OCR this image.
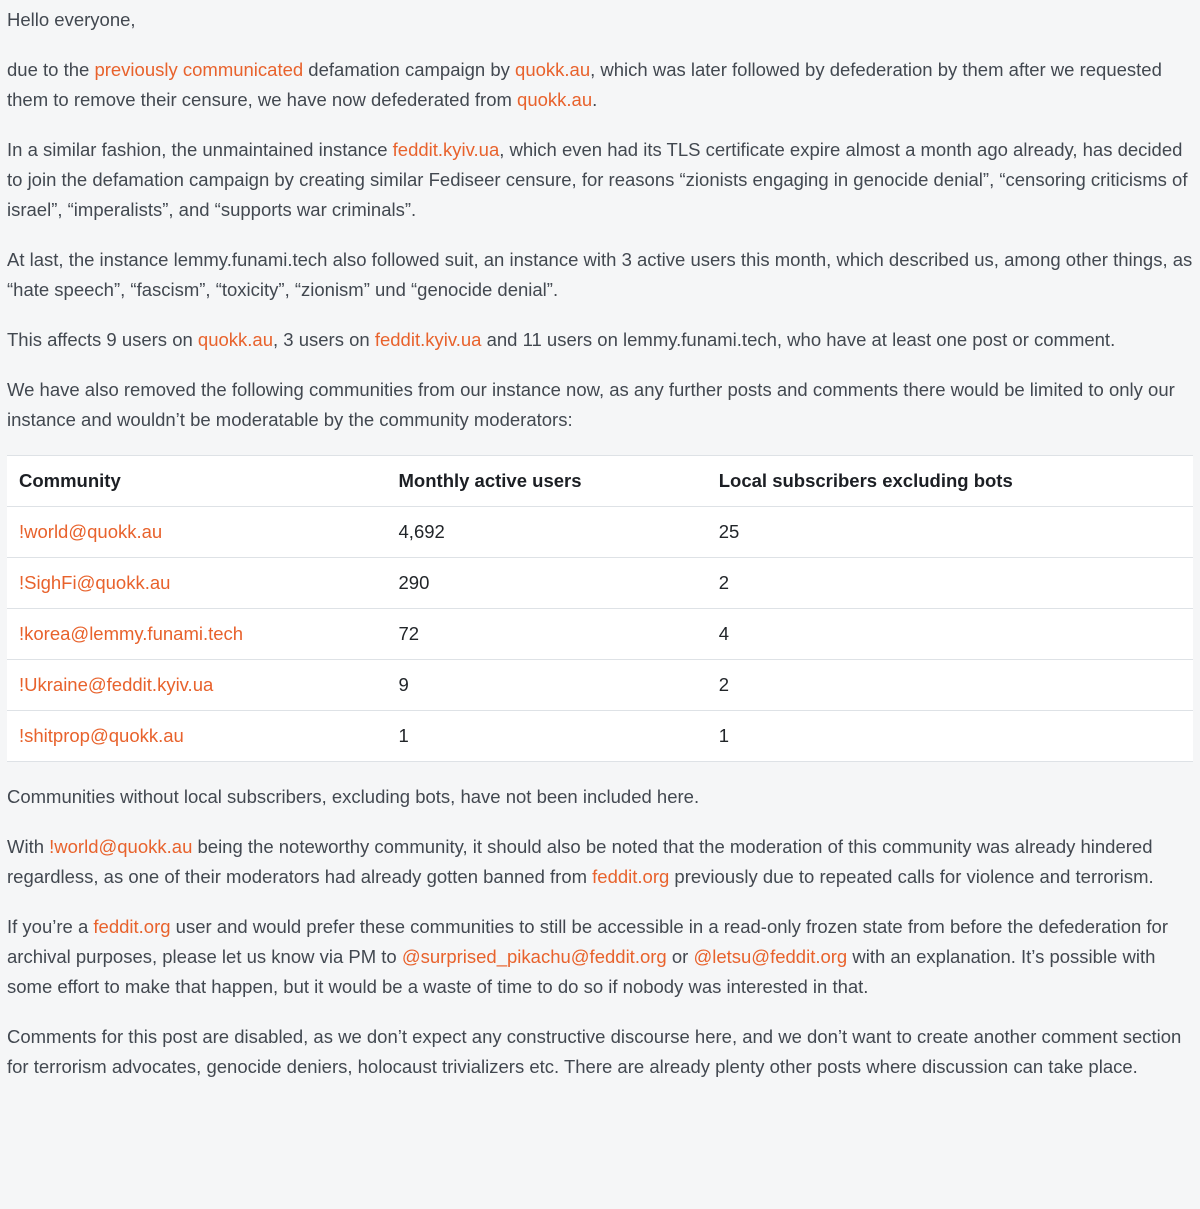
Hello everyone,

due to the previously communicated defamation campaign by quokk.au, which was later followed by defederation by them after we requested them to remove their censure, we have now defederated from quokk.au.

In a similar fashion, the unmaintained instance feddit.kyiv.ua, which even had its TLS certificate expire almost a month ago already, has decided to join the defamation campaign by creating similar Fediseer censure, for reasons “zionists engaging in genocide denial”, “censoring criticisms of israel”, “imperalists”, and “supports war criminals”.

At last, the instance lemmy.funami.tech also followed suit, an instance with 3 active users this month, which described us, among other things, as “hate speech”, “fascism”, “toxicity”, “zionism” und “genocide denial”.

This affects 9 users on quokk.au, 3 users on feddit.kyiv.ua and 11 users on lemmy.funami.tech, who have at least one post or comment.

We have also removed the following communities from our instance now, as any further posts and comments there would be limited to only our instance and wouldn’t be moderatable by the community moderators:

Community	Monthly active users	Local subscribers excluding bots
!world@quokk.au	4,692	25
!SighFi@quokk.au	290	2
!korea@lemmy.funami.tech	72	4
!Ukraine@feddit.kyiv.ua	9	2
!shitprop@quokk.au	1	1

Communities without local subscribers, excluding bots, have not been included here.

With !world@quokk.au being the noteworthy community, it should also be noted that the moderation of this community was already hindered regardless, as one of their moderators had already gotten banned from feddit.org previously due to repeated calls for violence and terrorism.

If you’re a feddit.org user and would prefer these communities to still be accessible in a read-only frozen state from before the defederation for archival purposes, please let us know via PM to @surprised_pikachu@feddit.org or @letsu@feddit.org with an explanation. It’s possible with some effort to make that happen, but it would be a waste of time to do so if nobody was interested in that.

Comments for this post are disabled, as we don’t expect any constructive discourse here, and we don’t want to create another comment section for terrorism advocates, genocide deniers, holocaust trivializers etc. There are already plenty other posts where discussion can take place.
